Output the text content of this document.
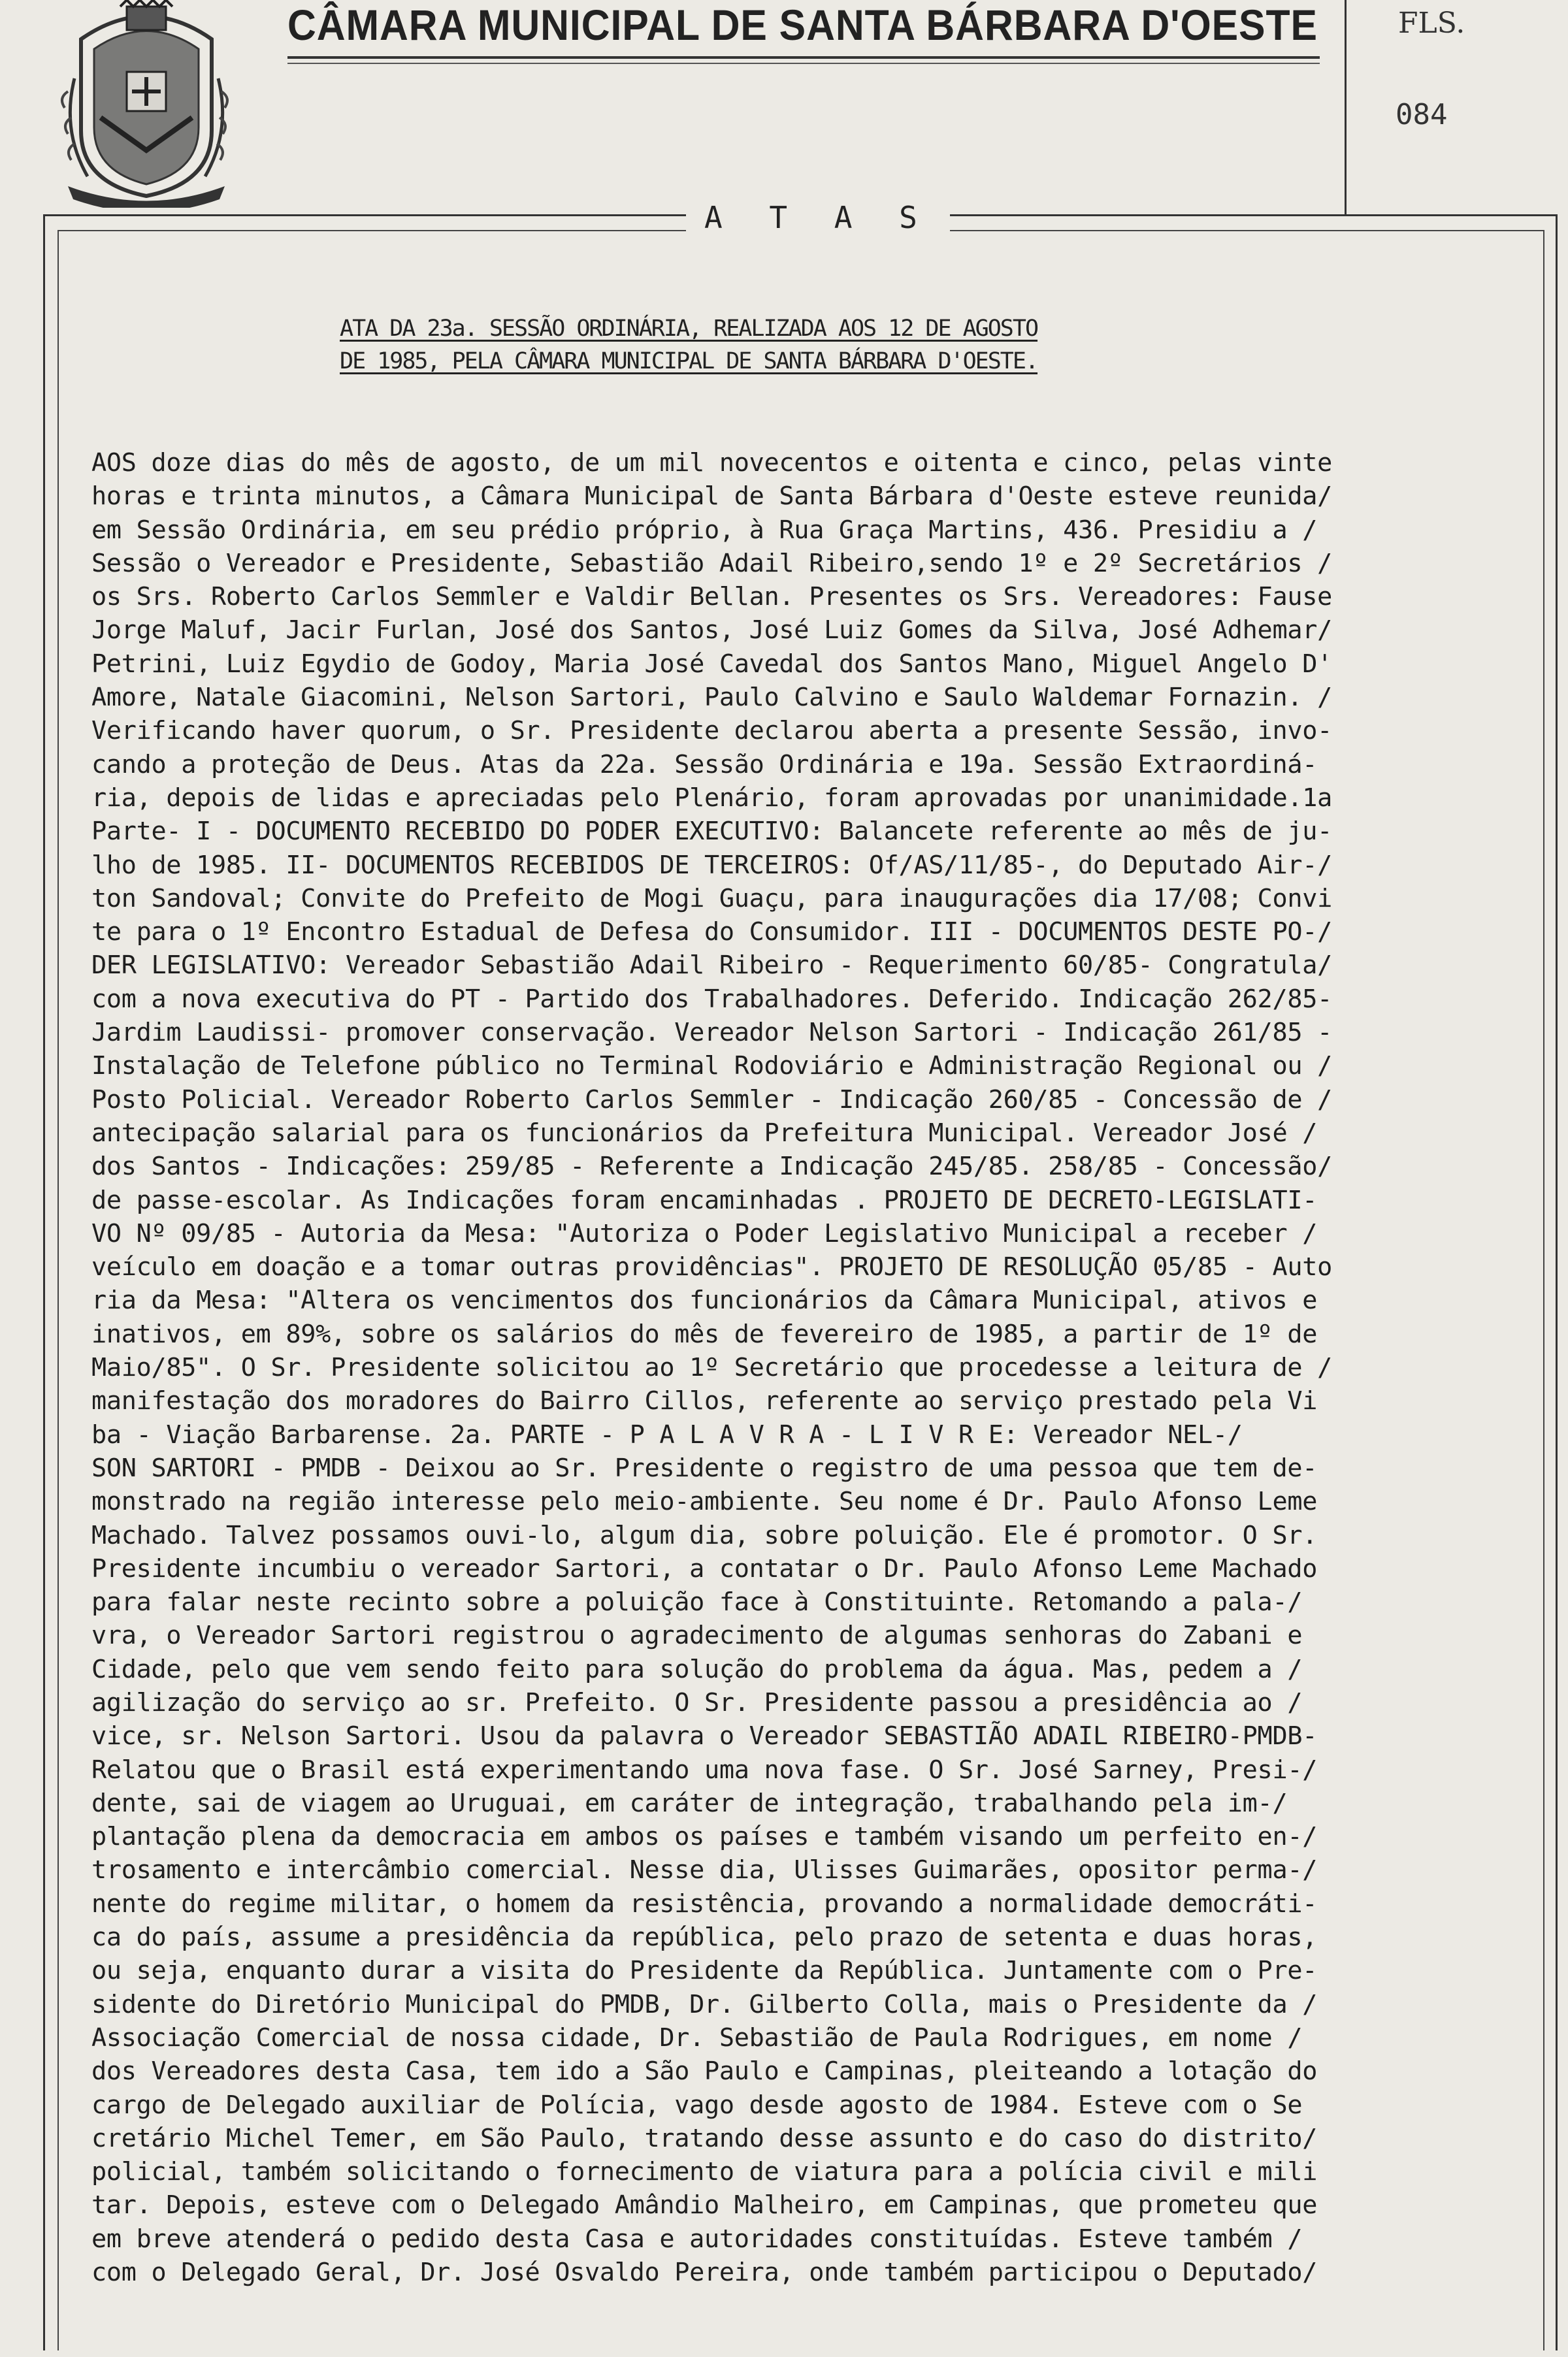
CÂMARA MUNICIPAL DE SANTA BÁRBARA D'OESTE	FLS.
084
A T A S
ATA DA 23a. SESSÃO ORDINÁRIA, REALIZADA AOS 12 DE AGOSTO
DE 1985, PELA CÂMARA MUNICIPAL DE SANTA BÁRBARA D'OESTE.
AOS doze dias do mês de agosto, de um mil novecentos e oitenta e cinco, pelas vinte
horas e trinta minutos, a Câmara Municipal de Santa Bárbara d'Oeste esteve reunida/
em Sessão Ordinária, em seu prédio próprio, à Rua Graça Martins, 436. Presidiu a /
Sessão o Vereador e Presidente, Sebastião Adail Ribeiro,sendo 1º e 2º Secretários /
os Srs. Roberto Carlos Semmler e Valdir Bellan. Presentes os Srs. Vereadores: Fause
Jorge Maluf, Jacir Furlan, José dos Santos, José Luiz Gomes da Silva, José Adhemar/
Petrini, Luiz Egydio de Godoy, Maria José Cavedal dos Santos Mano, Miguel Angelo D'
Amore, Natale Giacomini, Nelson Sartori, Paulo Calvino e Saulo Waldemar Fornazin. /
Verificando haver quorum, o Sr. Presidente declarou aberta a presente Sessão, invo-
cando a proteção de Deus. Atas da 22a. Sessão Ordinária e 19a. Sessão Extraordiná-
ria, depois de lidas e apreciadas pelo Plenário, foram aprovadas por unanimidade.1a
Parte- I - DOCUMENTO RECEBIDO DO PODER EXECUTIVO: Balancete referente ao mês de ju-
lho de 1985. II- DOCUMENTOS RECEBIDOS DE TERCEIROS: Of/AS/11/85-, do Deputado Air-/
ton Sandoval; Convite do Prefeito de Mogi Guaçu, para inaugurações dia 17/08; Convi
te para o 1º Encontro Estadual de Defesa do Consumidor. III - DOCUMENTOS DESTE PO-/
DER LEGISLATIVO: Vereador Sebastião Adail Ribeiro - Requerimento 60/85- Congratula/
com a nova executiva do PT - Partido dos Trabalhadores. Deferido. Indicação 262/85-
Jardim Laudissi- promover conservação. Vereador Nelson Sartori - Indicação 261/85 -
Instalação de Telefone público no Terminal Rodoviário e Administração Regional ou /
Posto Policial. Vereador Roberto Carlos Semmler - Indicação 260/85 - Concessão de /
antecipação salarial para os funcionários da Prefeitura Municipal. Vereador José /
dos Santos - Indicações: 259/85 - Referente a Indicação 245/85. 258/85 - Concessão/
de passe-escolar. As Indicações foram encaminhadas . PROJETO DE DECRETO-LEGISLATI-
VO Nº 09/85 - Autoria da Mesa: "Autoriza o Poder Legislativo Municipal a receber /
veículo em doação e a tomar outras providências". PROJETO DE RESOLUÇÃO 05/85 - Auto
ria da Mesa: "Altera os vencimentos dos funcionários da Câmara Municipal, ativos e
inativos, em 89%, sobre os salários do mês de fevereiro de 1985, a partir de 1º de
Maio/85". O Sr. Presidente solicitou ao 1º Secretário que procedesse a leitura de /
manifestação dos moradores do Bairro Cillos, referente ao serviço prestado pela Vi
ba - Viação Barbarense. 2a. PARTE - P A L A V R A - L I V R E: Vereador NEL-/
SON SARTORI - PMDB - Deixou ao Sr. Presidente o registro de uma pessoa que tem de-
monstrado na região interesse pelo meio-ambiente. Seu nome é Dr. Paulo Afonso Leme
Machado. Talvez possamos ouvi-lo, algum dia, sobre poluição. Ele é promotor. O Sr.
Presidente incumbiu o vereador Sartori, a contatar o Dr. Paulo Afonso Leme Machado
para falar neste recinto sobre a poluição face à Constituinte. Retomando a pala-/
vra, o Vereador Sartori registrou o agradecimento de algumas senhoras do Zabani e
Cidade, pelo que vem sendo feito para solução do problema da água. Mas, pedem a /
agilização do serviço ao sr. Prefeito. O Sr. Presidente passou a presidência ao /
vice, sr. Nelson Sartori. Usou da palavra o Vereador SEBASTIÃO ADAIL RIBEIRO-PMDB-
Relatou que o Brasil está experimentando uma nova fase. O Sr. José Sarney, Presi-/
dente, sai de viagem ao Uruguai, em caráter de integração, trabalhando pela im-/
plantação plena da democracia em ambos os países e também visando um perfeito en-/
trosamento e intercâmbio comercial. Nesse dia, Ulisses Guimarães, opositor perma-/
nente do regime militar, o homem da resistência, provando a normalidade democráti-
ca do país, assume a presidência da república, pelo prazo de setenta e duas horas,
ou seja, enquanto durar a visita do Presidente da República. Juntamente com o Pre-
sidente do Diretório Municipal do PMDB, Dr. Gilberto Colla, mais o Presidente da /
Associação Comercial de nossa cidade, Dr. Sebastião de Paula Rodrigues, em nome /
dos Vereadores desta Casa, tem ido a São Paulo e Campinas, pleiteando a lotação do
cargo de Delegado auxiliar de Polícia, vago desde agosto de 1984. Esteve com o Se
cretário Michel Temer, em São Paulo, tratando desse assunto e do caso do distrito/
policial, também solicitando o fornecimento de viatura para a polícia civil e mili
tar. Depois, esteve com o Delegado Amândio Malheiro, em Campinas, que prometeu que
em breve atenderá o pedido desta Casa e autoridades constituídas. Esteve também /
com o Delegado Geral, Dr. José Osvaldo Pereira, onde também participou o Deputado/
